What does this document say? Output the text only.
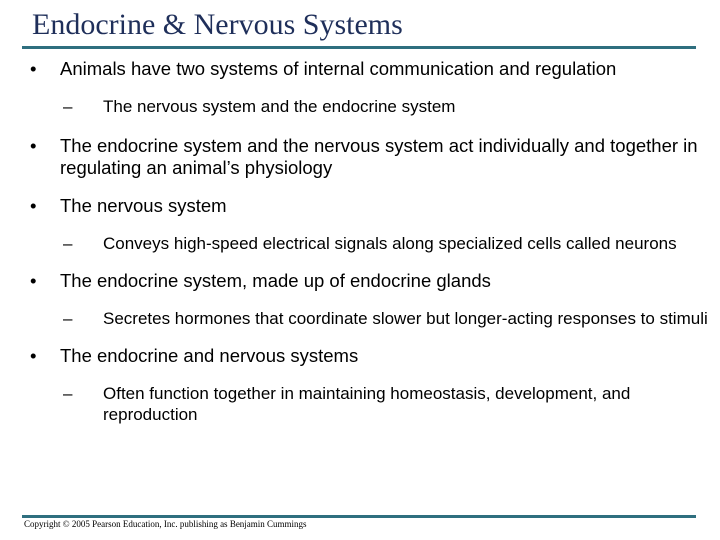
Endocrine & Nervous Systems
• Animals have two systems of internal communication and regulation
– The nervous system and the endocrine system
• The endocrine system and the nervous system act individually and together in regulating an animal’s physiology
• The nervous system
– Conveys high-speed electrical signals along specialized cells called neurons
• The endocrine system, made up of endocrine glands
– Secretes hormones that coordinate slower but longer-acting responses to stimuli
• The endocrine and nervous systems
– Often function together in maintaining homeostasis, development, and reproduction
Copyright © 2005 Pearson Education, Inc. publishing as Benjamin Cummings
